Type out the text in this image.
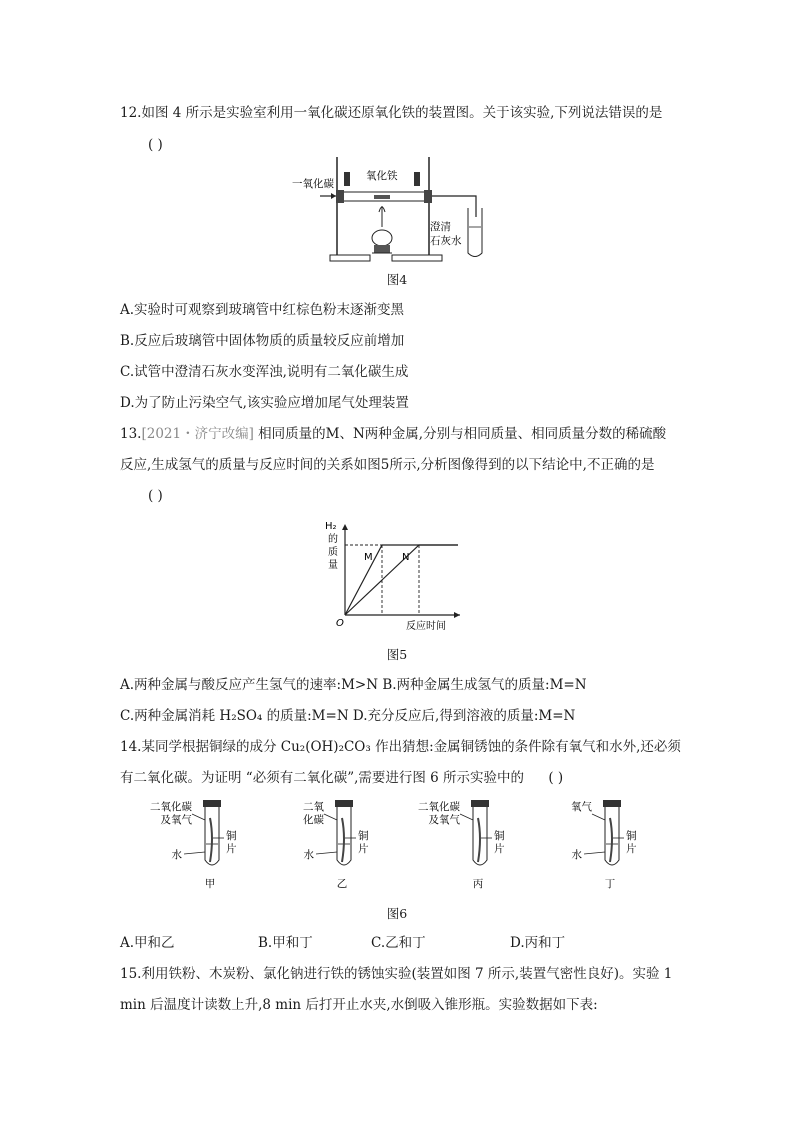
12.如图 4 所示是实验室利用一氧化碳还原氧化铁的装置图。关于该实验,下列说法错误的是
( )
一氧化碳
氧化铁
澄清
石灰水
图4
A.实验时可观察到玻璃管中红棕色粉末逐渐变黑
B.反应后玻璃管中固体物质的质量较反应前增加
C.试管中澄清石灰水变浑浊,说明有二氧化碳生成
D.为了防止污染空气,该实验应增加尾气处理装置
13.[2021・济宁改编] 相同质量的M、N两种金属,分别与相同质量、相同质量分数的稀硫酸
反应,生成氢气的质量与反应时间的关系如图5所示,分析图像得到的以下结论中,不正确的是
( )
H₂
的
质
量
O	反应时间
M	N
图5
A.两种金属与酸反应产生氢气的速率:M>N B.两种金属生成氢气的质量:M=N
C.两种金属消耗 H₂SO₄ 的质量:M=N D.充分反应后,得到溶液的质量:M=N
14.某同学根据铜绿的成分 Cu₂(OH)₂CO₃ 作出猜想:金属铜锈蚀的条件除有氧气和水外,还必须
有二氧化碳。为证明 “必须有二氧化碳”,需要进行图 6 所示实验中的 ( )
二氧化碳
及氧气
水
铜
片
甲
二氧
化碳
水
铜
片
乙
二氧化碳
及氧气
铜
片
丙
氧气
水
铜
片
丁
图6
A.甲和乙	B.甲和丁	C.乙和丁	D.丙和丁
15.利用铁粉、木炭粉、氯化钠进行铁的锈蚀实验(装置如图 7 所示,装置气密性良好)。实验 1
min 后温度计读数上升,8 min 后打开止水夹,水倒吸入锥形瓶。实验数据如下表:
